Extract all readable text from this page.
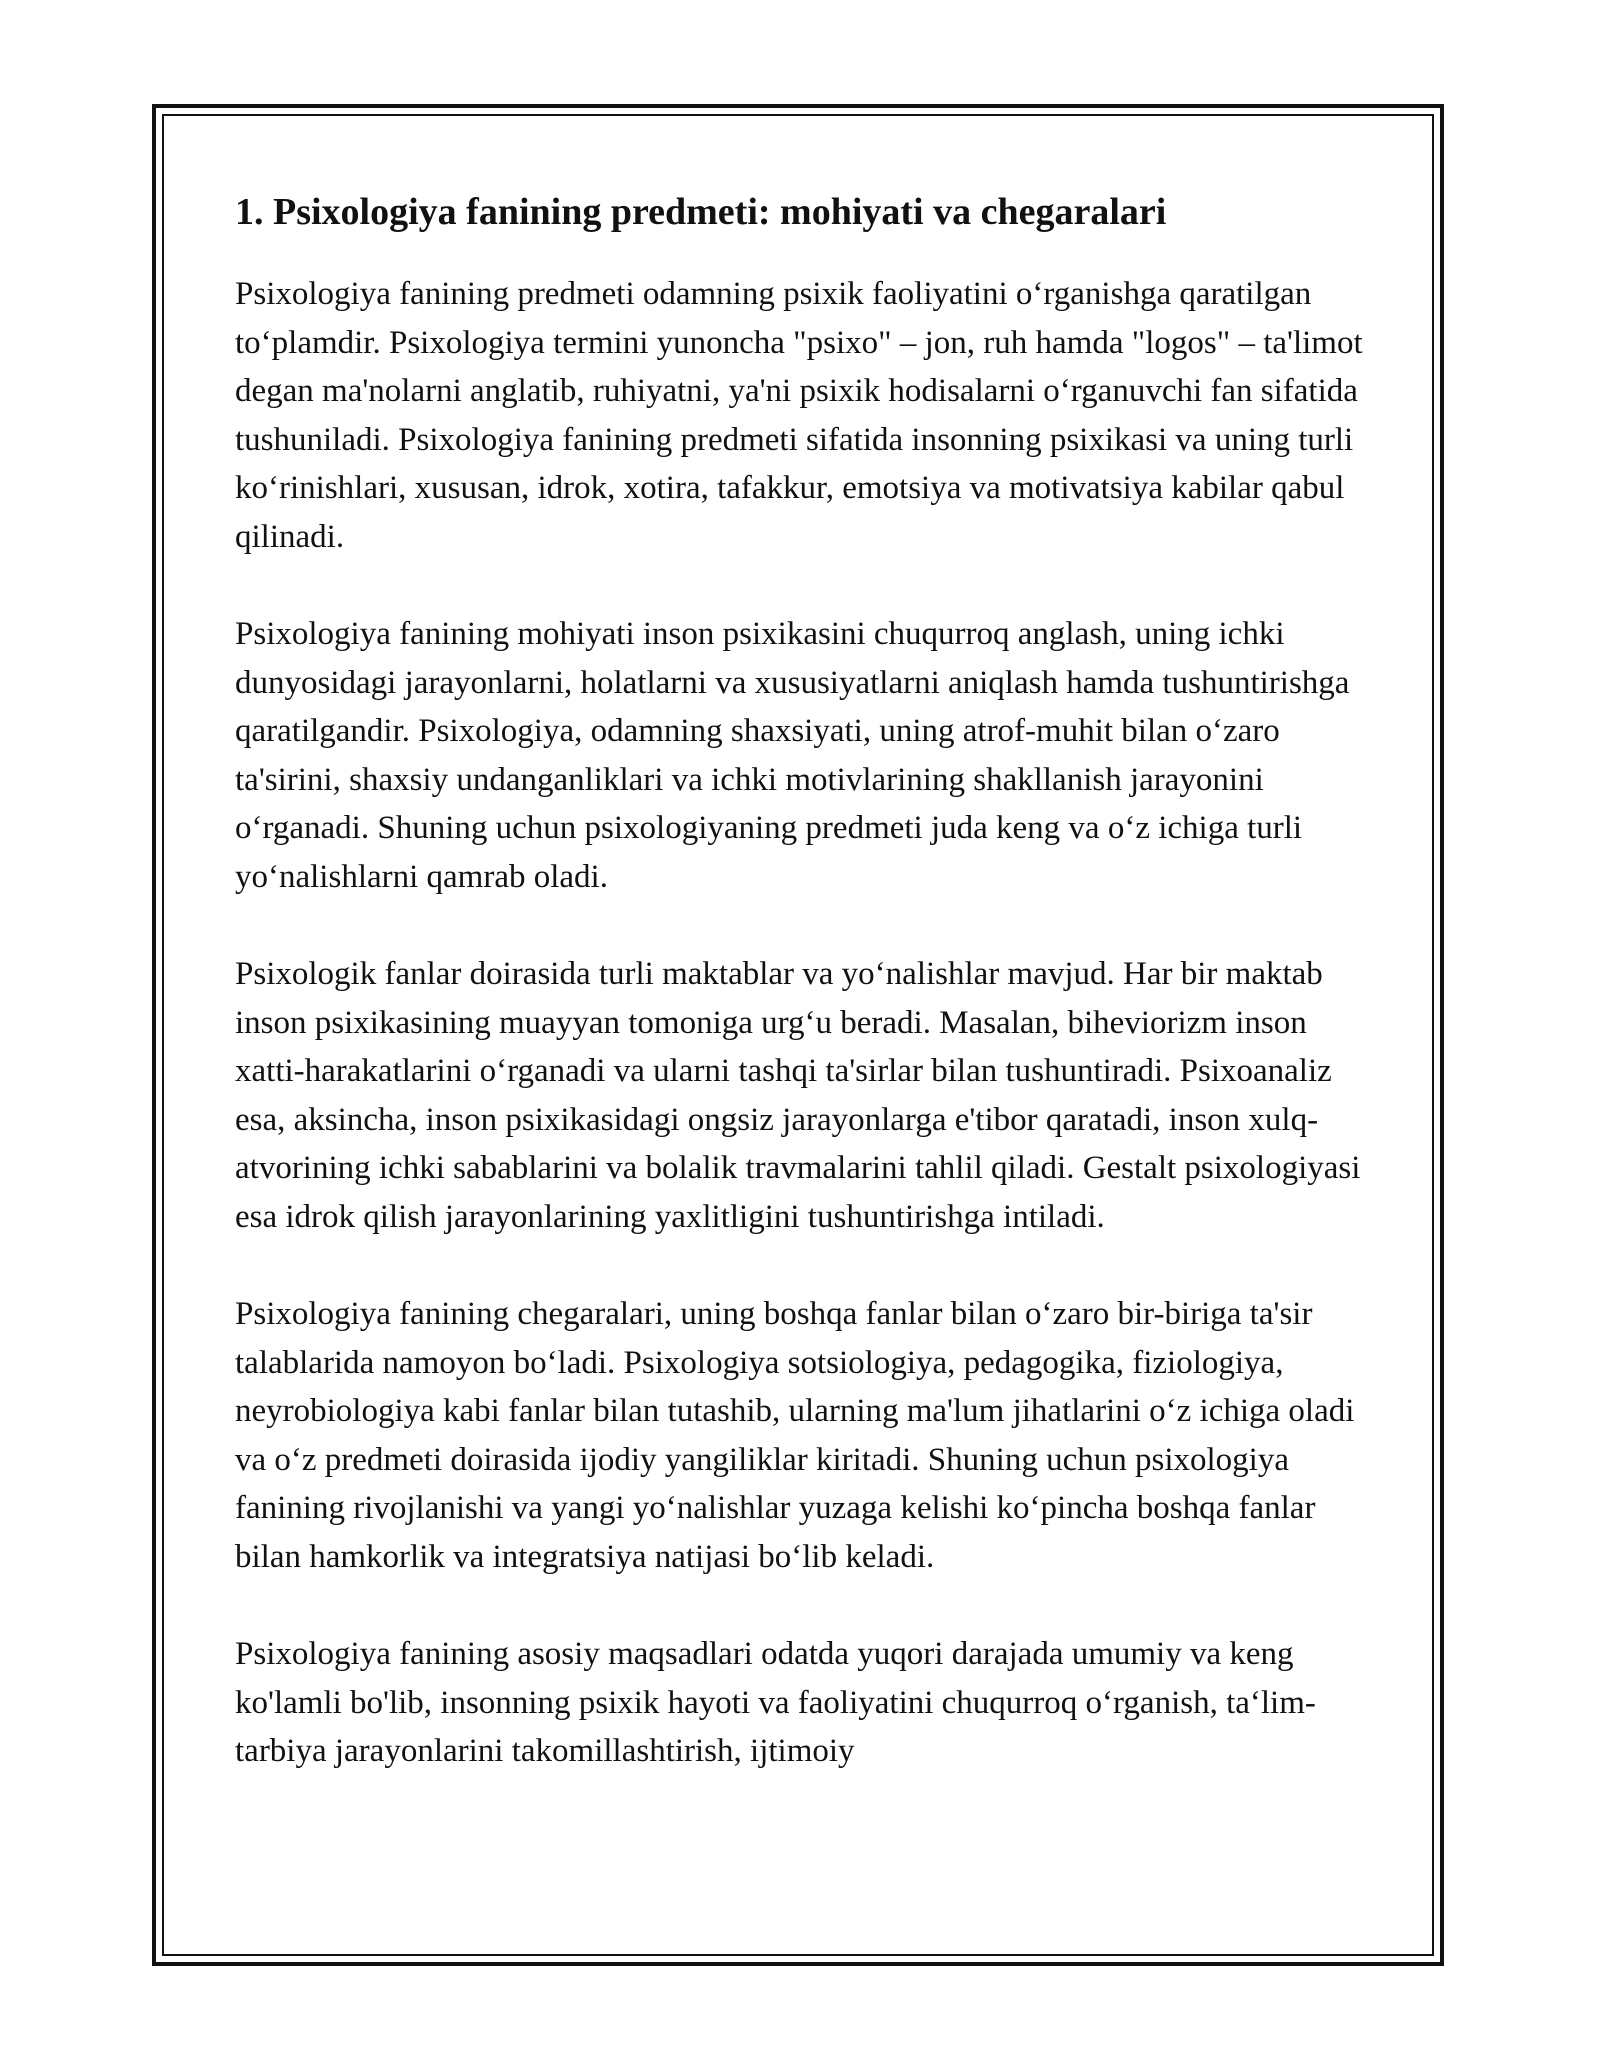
1. Psixologiya fanining predmeti: mohiyati va chegaralari

Psixologiya fanining predmeti odamning psixik faoliyatini o‘rganishga qaratilgan to‘plamdir. Psixologiya termini yunoncha "psixo" – jon, ruh hamda "logos" – ta'limot degan ma'nolarni anglatib, ruhiyatni, ya'ni psixik hodisalarni o‘rganuvchi fan sifatida tushuniladi. Psixologiya fanining predmeti sifatida insonning psixikasi va uning turli ko‘rinishlari, xususan, idrok, xotira, tafakkur, emotsiya va motivatsiya kabilar qabul qilinadi.

Psixologiya fanining mohiyati inson psixikasini chuqurroq anglash, uning ichki dunyosidagi jarayonlarni, holatlarni va xususiyatlarni aniqlash hamda tushuntirishga qaratilgandir. Psixologiya, odamning shaxsiyati, uning atrof-muhit bilan o‘zaro ta'sirini, shaxsiy undanganliklari va ichki motivlarining shakllanish jarayonini o‘rganadi. Shuning uchun psixologiyaning predmeti juda keng va o‘z ichiga turli yo‘nalishlarni qamrab oladi.

Psixologik fanlar doirasida turli maktablar va yo‘nalishlar mavjud. Har bir maktab inson psixikasining muayyan tomoniga urg‘u beradi. Masalan, biheviorizm inson xatti-harakatlarini o‘rganadi va ularni tashqi ta'sirlar bilan tushuntiradi. Psixoanaliz esa, aksincha, inson psixikasidagi ongsiz jarayonlarga e'tibor qaratadi, inson xulq-atvorining ichki sabablarini va bolalik travmalarini tahlil qiladi. Gestalt psixologiyasi esa idrok qilish jarayonlarining yaxlitligini tushuntirishga intiladi.

Psixologiya fanining chegaralari, uning boshqa fanlar bilan o‘zaro bir-biriga ta'sir talablarida namoyon bo‘ladi. Psixologiya sotsiologiya, pedagogika, fiziologiya, neyrobiologiya kabi fanlar bilan tutashib, ularning ma'lum jihatlarini o‘z ichiga oladi va o‘z predmeti doirasida ijodiy yangiliklar kiritadi. Shuning uchun psixologiya fanining rivojlanishi va yangi yo‘nalishlar yuzaga kelishi ko‘pincha boshqa fanlar bilan hamkorlik va integratsiya natijasi bo‘lib keladi.

Psixologiya fanining asosiy maqsadlari odatda yuqori darajada umumiy va keng ko'lamli bo'lib, insonning psixik hayoti va faoliyatini chuqurroq o‘rganish, ta‘lim-tarbiya jarayonlarini takomillashtirish, ijtimoiy
